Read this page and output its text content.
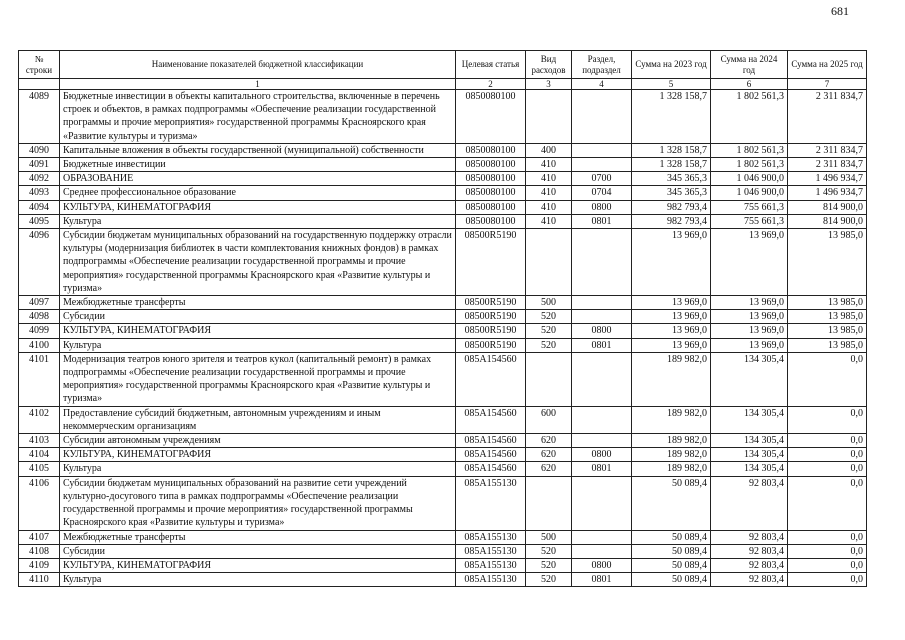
681
№ строки	Наименование показателей бюджетной классификации	Целевая статья	Вид расходов	Раздел, подраздел	Сумма на 2023 год	Сумма на 2024 год	Сумма на 2025 год
	1	2	3	4	5	6	7
4089	Бюджетные инвестиции в объекты капитального строительства, включенные в перечень строек и объектов, в рамках подпрограммы «Обеспечение реализации государственной программы и прочие мероприятия» государственной программы Красноярского края «Развитие культуры и туризма»	0850080100			1 328 158,7	1 802 561,3	2 311 834,7
4090	Капитальные вложения в объекты государственной (муниципальной) собственности	0850080100	400		1 328 158,7	1 802 561,3	2 311 834,7
4091	Бюджетные инвестиции	0850080100	410		1 328 158,7	1 802 561,3	2 311 834,7
4092	ОБРАЗОВАНИЕ	0850080100	410	0700	345 365,3	1 046 900,0	1 496 934,7
4093	Среднее профессиональное образование	0850080100	410	0704	345 365,3	1 046 900,0	1 496 934,7
4094	КУЛЬТУРА, КИНЕМАТОГРАФИЯ	0850080100	410	0800	982 793,4	755 661,3	814 900,0
4095	Культура	0850080100	410	0801	982 793,4	755 661,3	814 900,0
4096	Субсидии бюджетам муниципальных образований на государственную поддержку отрасли культуры (модернизация библиотек в части комплектования книжных фондов) в рамках подпрограммы «Обеспечение реализации государственной программы и прочие мероприятия» государственной программы Красноярского края «Развитие культуры и туризма»	08500R5190			13 969,0	13 969,0	13 985,0
4097	Межбюджетные трансферты	08500R5190	500		13 969,0	13 969,0	13 985,0
4098	Субсидии	08500R5190	520		13 969,0	13 969,0	13 985,0
4099	КУЛЬТУРА, КИНЕМАТОГРАФИЯ	08500R5190	520	0800	13 969,0	13 969,0	13 985,0
4100	Культура	08500R5190	520	0801	13 969,0	13 969,0	13 985,0
4101	Модернизация театров юного зрителя и театров кукол (капитальный ремонт) в рамках подпрограммы «Обеспечение реализации государственной программы и прочие мероприятия» государственной программы Красноярского края «Развитие культуры и туризма»	085A154560			189 982,0	134 305,4	0,0
4102	Предоставление субсидий бюджетным, автономным учреждениям и иным некоммерческим организациям	085A154560	600		189 982,0	134 305,4	0,0
4103	Субсидии автономным учреждениям	085A154560	620		189 982,0	134 305,4	0,0
4104	КУЛЬТУРА, КИНЕМАТОГРАФИЯ	085A154560	620	0800	189 982,0	134 305,4	0,0
4105	Культура	085A154560	620	0801	189 982,0	134 305,4	0,0
4106	Субсидии бюджетам муниципальных образований на развитие сети учреждений культурно-досугового типа в рамках подпрограммы «Обеспечение реализации государственной программы и прочие мероприятия» государственной программы Красноярского края «Развитие культуры и туризма»	085A155130			50 089,4	92 803,4	0,0
4107	Межбюджетные трансферты	085A155130	500		50 089,4	92 803,4	0,0
4108	Субсидии	085A155130	520		50 089,4	92 803,4	0,0
4109	КУЛЬТУРА, КИНЕМАТОГРАФИЯ	085A155130	520	0800	50 089,4	92 803,4	0,0
4110	Культура	085A155130	520	0801	50 089,4	92 803,4	0,0
